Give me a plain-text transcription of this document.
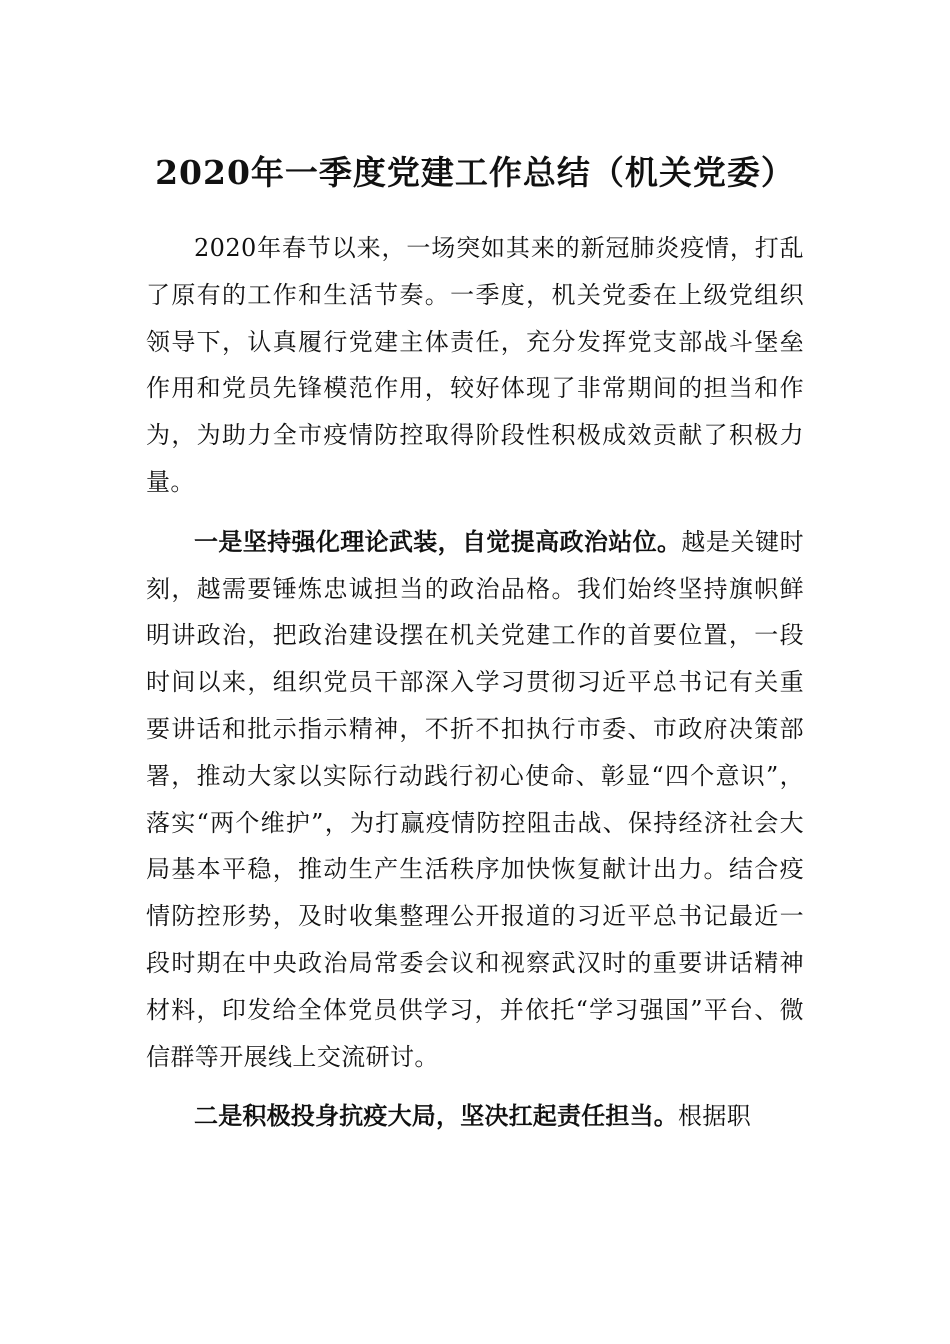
2020年一季度党建工作总结（机关党委）

2020年春节以来，一场突如其来的新冠肺炎疫情，打乱了原有的工作和生活节奏。一季度，机关党委在上级党组织领导下，认真履行党建主体责任，充分发挥党支部战斗堡垒作用和党员先锋模范作用，较好体现了非常期间的担当和作为，为助力全市疫情防控取得阶段性积极成效贡献了积极力量。

一是坚持强化理论武装，自觉提高政治站位。越是关键时刻，越需要锤炼忠诚担当的政治品格。我们始终坚持旗帜鲜明讲政治，把政治建设摆在机关党建工作的首要位置，一段时间以来，组织党员干部深入学习贯彻习近平总书记有关重要讲话和批示指示精神，不折不扣执行市委、市政府决策部署，推动大家以实际行动践行初心使命、彰显“四个意识”，落实“两个维护”，为打赢疫情防控阻击战、保持经济社会大局基本平稳，推动生产生活秩序加快恢复献计出力。结合疫情防控形势，及时收集整理公开报道的习近平总书记最近一段时期在中央政治局常委会议和视察武汉时的重要讲话精神材料，印发给全体党员供学习，并依托“学习强国”平台、微信群等开展线上交流研讨。

二是积极投身抗疫大局，坚决扛起责任担当。根据职
